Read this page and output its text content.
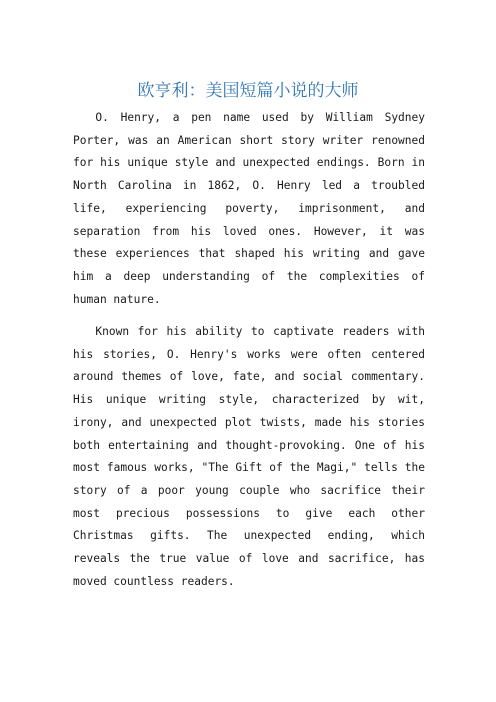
欧亨利：美国短篇小说的大师

O. Henry, a pen name used by William Sydney Porter, was an American short story writer renowned for his unique style and unexpected endings. Born in North Carolina in 1862, O. Henry led a troubled life, experiencing poverty, imprisonment, and separation from his loved ones. However, it was these experiences that shaped his writing and gave him a deep understanding of the complexities of human nature.

Known for his ability to captivate readers with his stories, O. Henry's works were often centered around themes of love, fate, and social commentary. His unique writing style, characterized by wit, irony, and unexpected plot twists, made his stories both entertaining and thought-provoking. One of his most famous works, "The Gift of the Magi," tells the story of a poor young couple who sacrifice their most precious possessions to give each other Christmas gifts. The unexpected ending, which reveals the true value of love and sacrifice, has moved countless readers.
